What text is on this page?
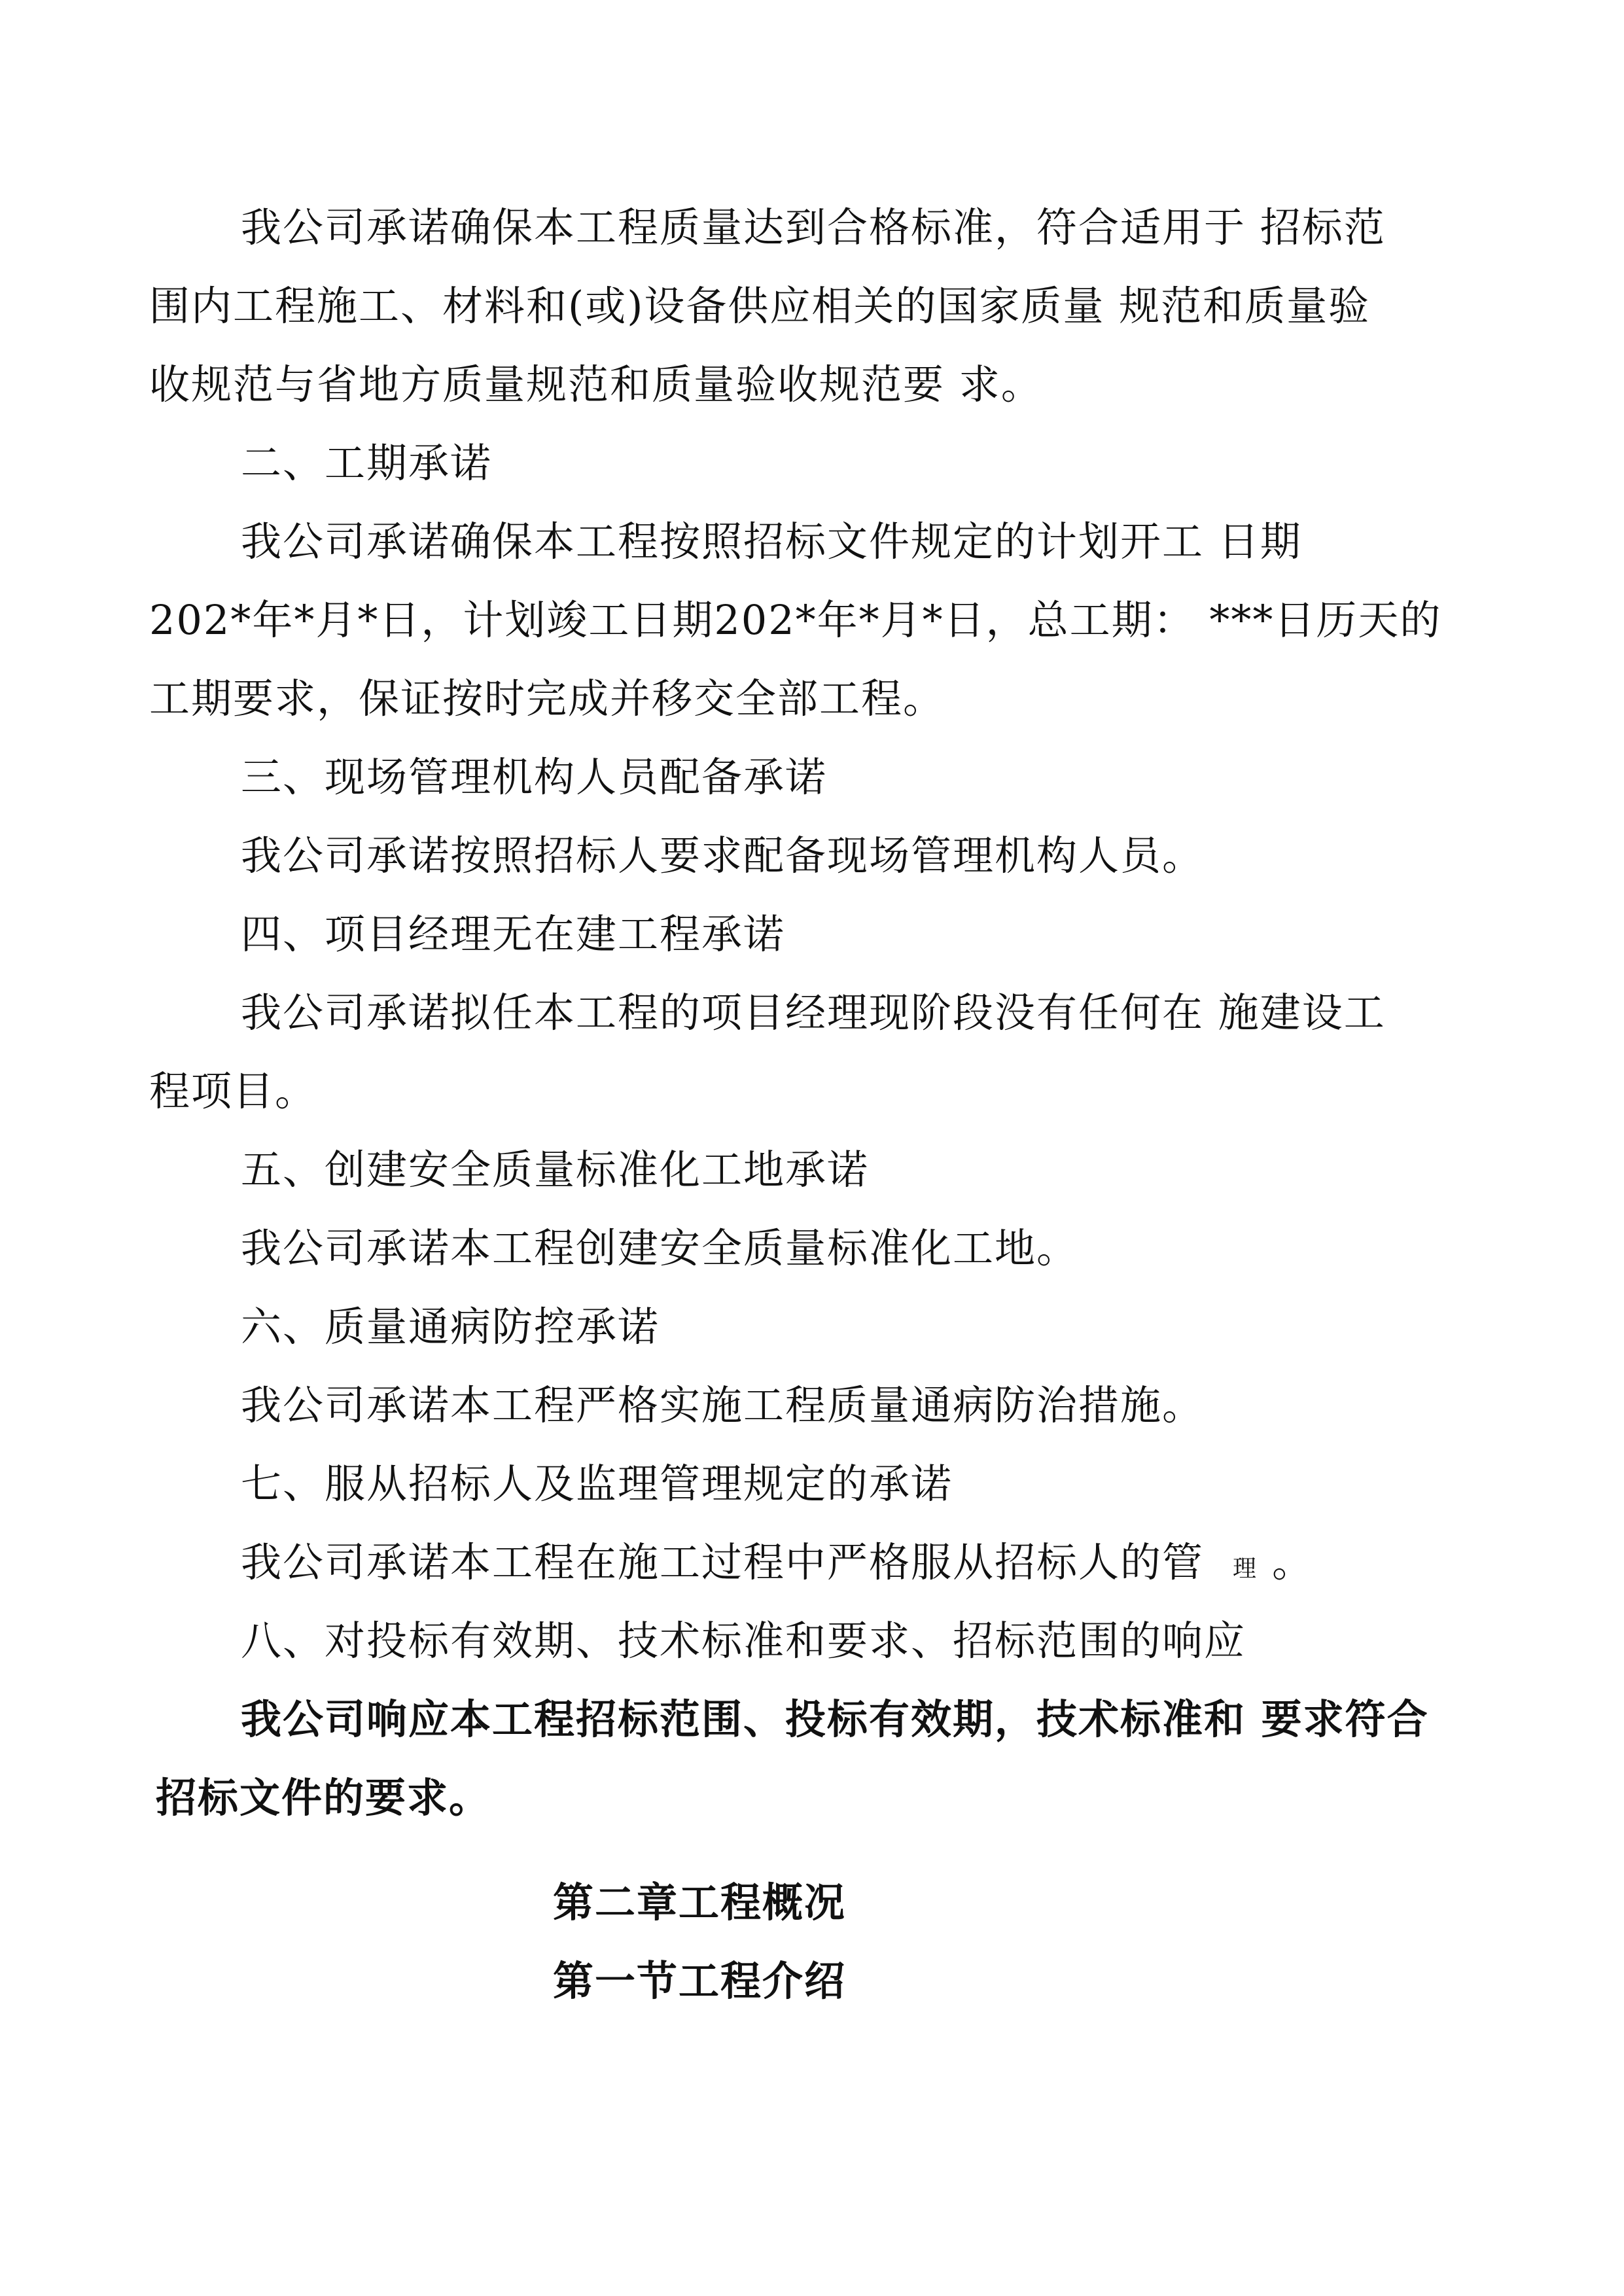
我公司承诺确保本工程质量达到合格标准，符合适用于 招标范
围内工程施工、材料和(或)设备供应相关的国家质量 规范和质量验
收规范与省地方质量规范和质量验收规范要 求。
二、工期承诺
我公司承诺确保本工程按照招标文件规定的计划开工 日期
202*年*月*日，计划竣工日期202*年*月*日，总工期： ***日历天的
工期要求，保证按时完成并移交全部工程。
三、现场管理机构人员配备承诺
我公司承诺按照招标人要求配备现场管理机构人员。
四、项目经理无在建工程承诺
我公司承诺拟任本工程的项目经理现阶段没有任何在 施建设工
程项目。
五、创建安全质量标准化工地承诺
我公司承诺本工程创建安全质量标准化工地。
六、质量通病防控承诺
我公司承诺本工程严格实施工程质量通病防治措施。
七、服从招标人及监理管理规定的承诺
我公司承诺本工程在施工过程中严格服从招标人的管 理 。
八、对投标有效期、技术标准和要求、招标范围的响应
我公司响应本工程招标范围、投标有效期，技术标准和 要求符合
招标文件的要求。
第二章工程概况
第一节工程介绍
